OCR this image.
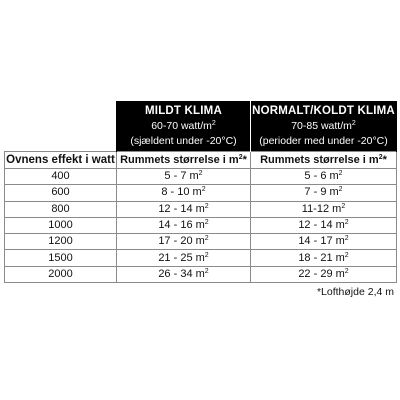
	MILDT KLIMA
60-70 watt/$m^2$
(sjældent under -20°C)	NORMALT/KOLDT KLIMA
70-85 watt/$m^2$
(perioder med under -20°C)

Ovnens effekt i watt	Rummets størrelse i $m^2*$	Rummets størrelse i $m^2*$
400	5 - 7 $m^2$	5 - 6 $m^2$
600	8 - 10 $m^2$	7 - 9 $m^2$
800	12 - 14 $m^2$	11-12 $m^2$
1000	14 - 16 $m^2$	12 - 14 $m^2$
1200	17 - 20 $m^2$	14 - 17 $m^2$
1500	21 - 25 $m^2$	18 - 21 $m^2$
2000	26 - 34 $m^2$	22 - 29 $m^2$
*Lofthøjde 2,4 m
